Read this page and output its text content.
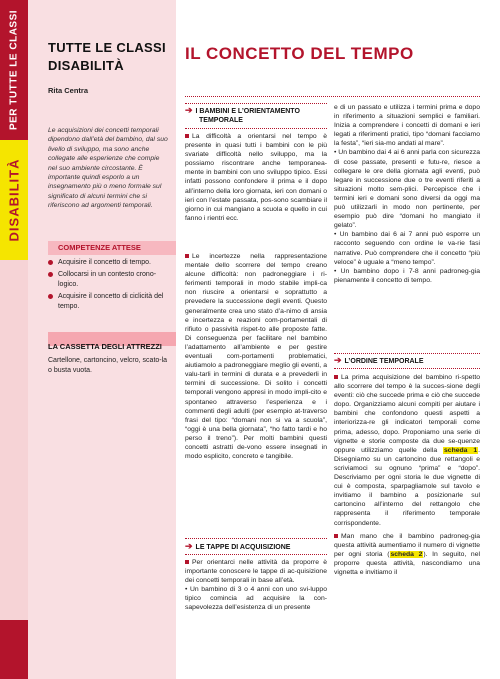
PER TUTTE LE CLASSI
DISABILITÀ
TUTTE LE CLASSI
DISABILITÀ
Rita Centra
Le acquisizioni dei concetti temporali dipendono dall’età del bambino, dal suo livello di sviluppo, ma sono anche collegate alle esperienze che compie nel suo ambiente circostante. È importante quindi esporlo a un insegnamento più o meno formale sul significato di alcuni termini che si riferiscono ad argomenti temporali.
COMPETENZE ATTESE
Acquisire il concetto di tempo.
Collocarsi in un contesto crono-logico.
Acquisire il concetto di ciclicità del tempo.
LA CASSETTA DEGLI ATTREZZI
Cartellone, cartoncino, velcro, scato-la o busta vuota.
IL CONCETTO DEL TEMPO
➔ I BAMBINI E L’ORIENTAMENTO
TEMPORALE

La difficoltà a orientarsi nel tempo è presente in quasi tutti i bambini con le più svariate difficoltà nello sviluppo, ma la possiamo riscontrare anche temporanea-mente in bambini con uno sviluppo tipico. Essi infatti possono confondere il prima e il dopo all’interno della loro giornata, ieri con domani o ieri con l’estate passata, pos-sono scambiare il giorno in cui mangiano a scuola e quello in cui fanno i rientri ecc.

Le incertezze nella rappresentazione mentale dello scorrere del tempo creano alcune difficoltà: non padroneggiare i ri-ferimenti temporali in modo stabile impli-ca non riuscire a orientarsi e soprattutto a prevedere la successione degli eventi. Questo generalmente crea uno stato d’a-nimo di ansia e incertezza e reazioni com-portamentali di rifiuto o passività rispet-to alle proposte fatte. Di conseguenza per facilitare nel bambino l’adattamento all’ambiente e per gestire eventuali com-portamenti problematici, aiutiamolo a padroneggiare meglio gli eventi, a valu-tarli in termini di durata e a prevederli in termini di successione. Di solito i concetti temporali vengono appresi in modo impli-cito e spontaneo attraverso l’esperienza e i commenti degli adulti (per esempio at-traverso frasi del tipo: “domani non si va a scuola”, “oggi è una bella giornata”, “ho fatto tardi e ho perso il treno”). Per molti bambini questi concetti astratti de-vono essere insegnati in modo esplicito, concreto e tangibile.

➔ LE TAPPE DI ACQUISIZIONE

Per orientarci nelle attività da proporre è importante conoscere le tappe di ac-quisizione dei concetti temporali in base all’età.

• Un bambino di 3 o 4 anni con uno svi-luppo tipico comincia ad acquisire la con-sapevolezza dell’esistenza di un presente

e di un passato e utilizza i termini prima e dopo in riferimento a situazioni semplici e familiari. Inizia a comprendere i concetti di domani e ieri legati a riferimenti pratici, tipo “domani facciamo la festa”, “ieri sia-mo andati al mare”.

• Un bambino dai 4 ai 6 anni parla con sicurezza di cose passate, presenti e futu-re, riesce a collegare le ore della giornata agli eventi, può legare in successione due o tre eventi riferiti a situazioni molto sem-plici. Percepisce che i termini ieri e domani sono diversi da oggi ma può utilizzarli in modo non pertinente, per esempio può dire “domani ho mangiato il gelato”.

• Un bambino dai 6 ai 7 anni può esporre un racconto seguendo con ordine le va-rie fasi narrative. Può comprendere che il concetto “più veloce” è uguale a “meno tempo”.

• Un bambino dopo i 7-8 anni padroneg-gia pienamente il concetto di tempo.

➔ L’ORDINE TEMPORALE

La prima acquisizione del bambino ri-spetto allo scorrere del tempo è la succes-sione degli eventi: ciò che succede prima e ciò che succede dopo. Organizziamo alcuni compiti per aiutare i bambini che confondono questi aspetti a interiorizza-re gli indicatori temporali come prima, adesso, dopo. Proponiamo una serie di vignette e storie composte da due se-quenze oppure utilizziamo quelle della scheda 1. Disegniamo su un cartoncino due rettangoli e scriviamoci su ognuno “prima” e “dopo”. Descriviamo per ogni storia le due vignette di cui è composta, sparpagliamole sul tavolo e invitiamo il bambino a posizionarle sul cartoncino all’interno del rettangolo che rappresenta il riferimento temporale corrispondente.

Man mano che il bambino padroneg-gia questa attività aumentiamo il numero di vignette per ogni storia (scheda 2). In seguito, nel proporre questa attività, nascondiamo una vignetta e invitiamo il
